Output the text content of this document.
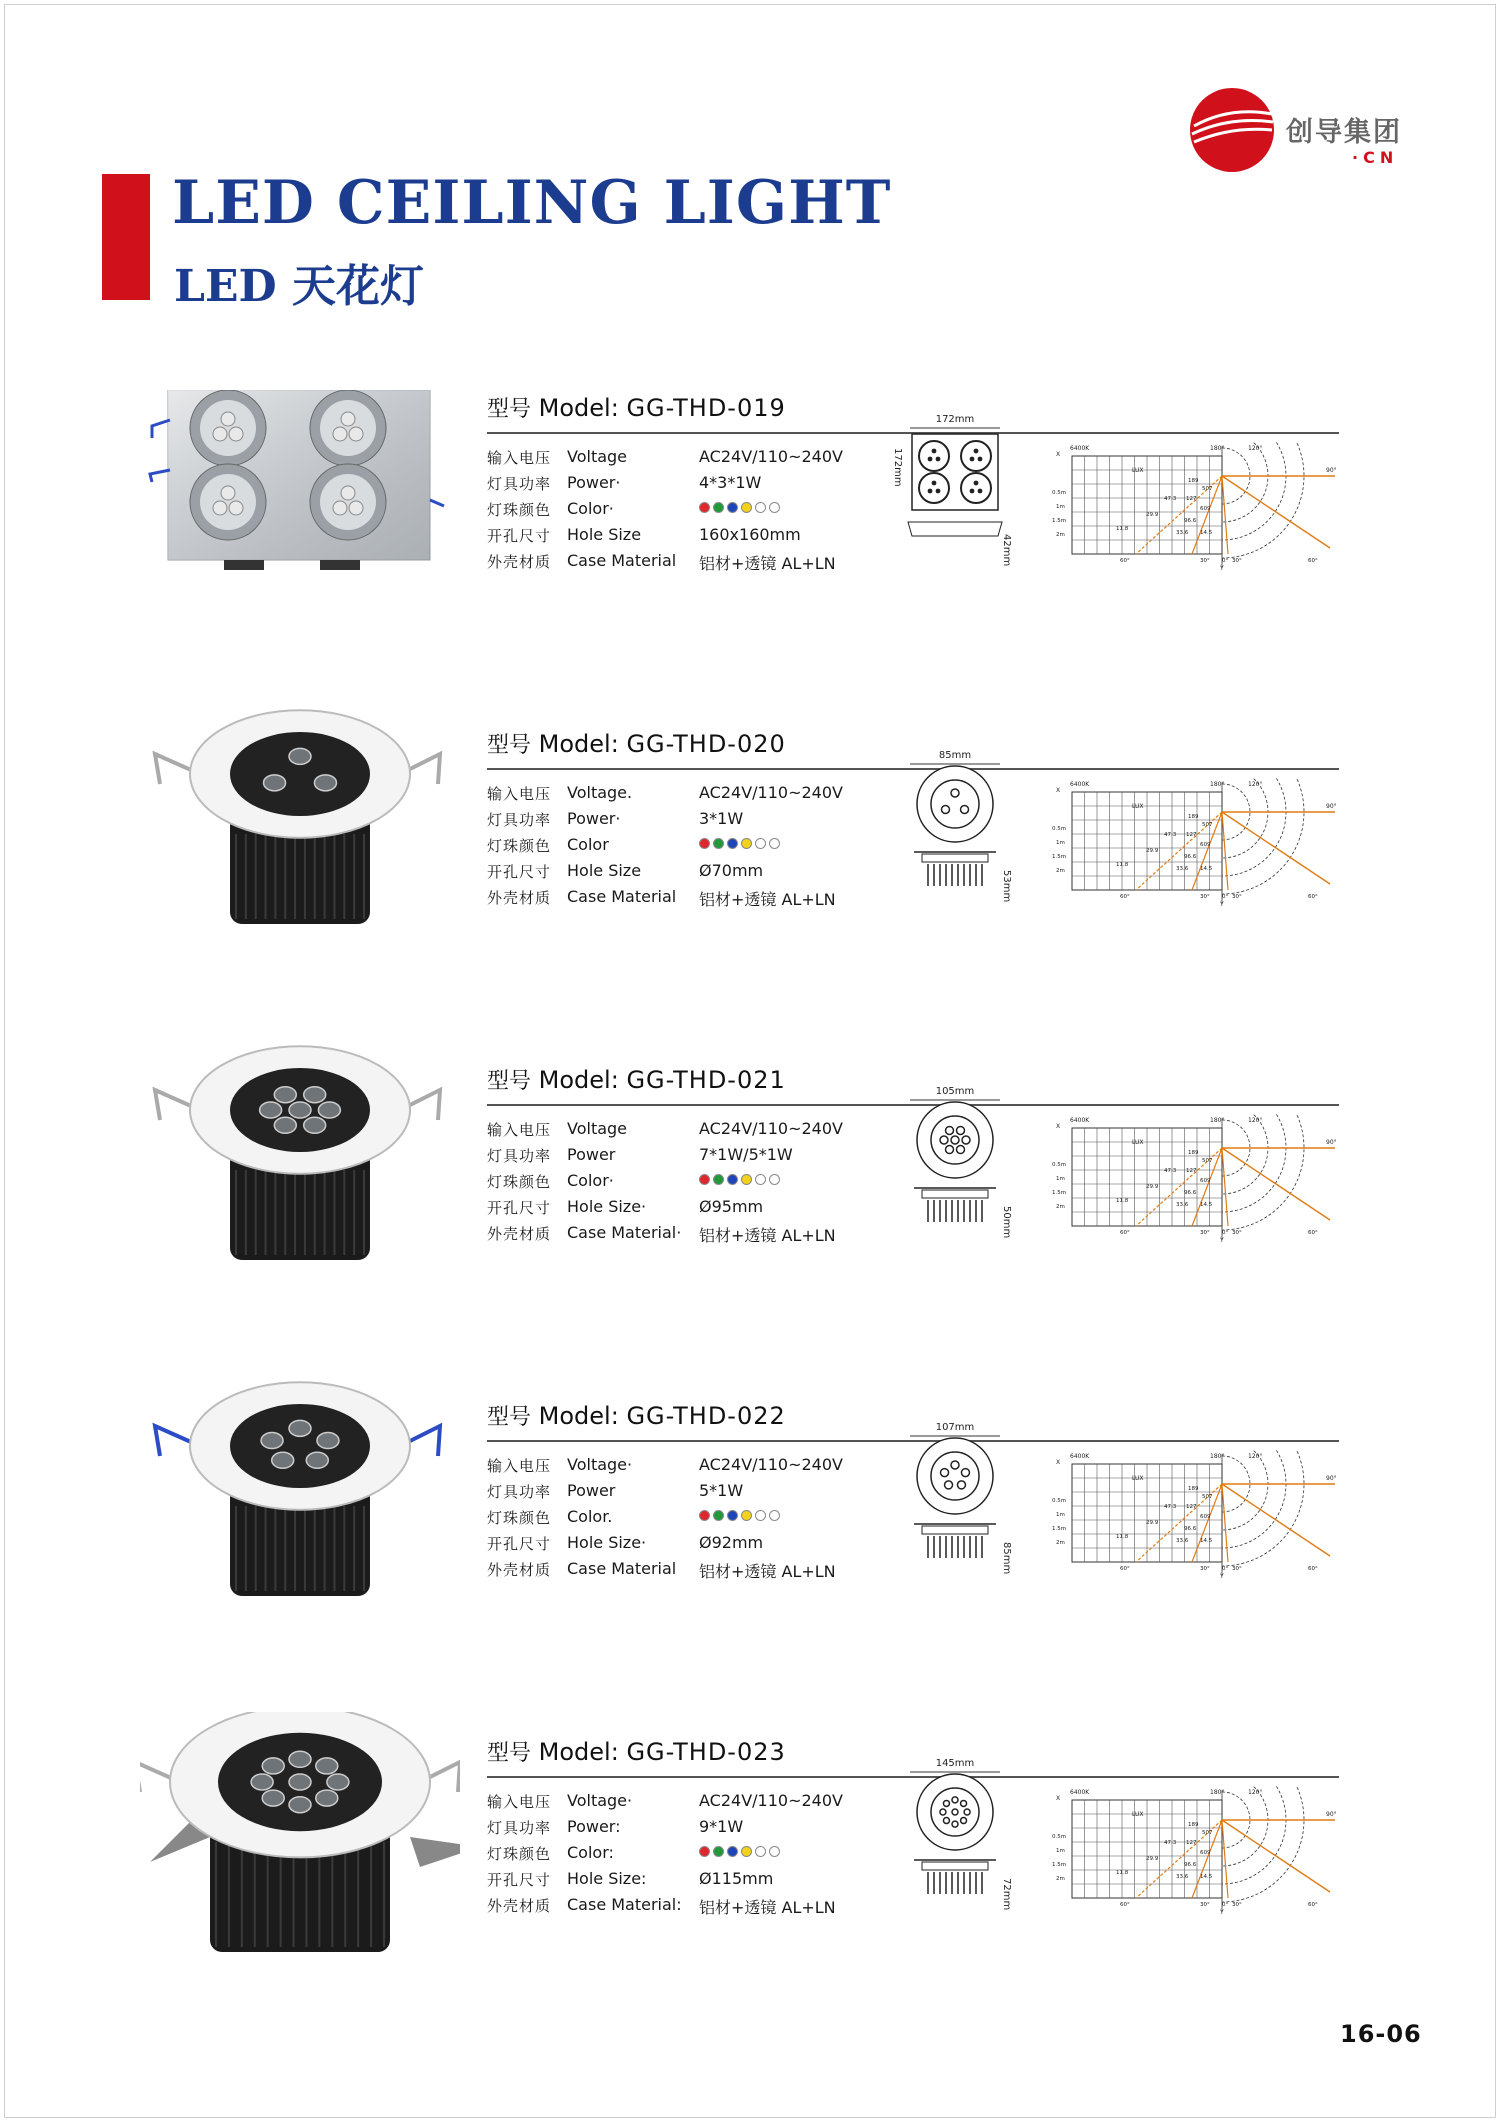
创导集团
·CN
LED CEILING LIGHT
LED 天花灯
型号 Model: GG-THD-019
输入电压 Voltage	AC24V/110~240V
灯具功率 Power·	4*3*1W
灯珠颜色 Color·
开孔尺寸 Hole Size	160x160mm
外壳材质 Case Material 铝材+透镜 AL+LN
172mm
42mm
172mm	6400K
X
180°	120°
90°
LUX
0.5m
1m
1.5m
2m
189
507
47.3 127
609
29.9
96.6
11.8
33.6 14.5
60°	30° 0° 30°	60°
Y
型号 Model: GG-THD-020
输入电压 Voltage.	AC24V/110~240V
灯具功率 Power·	3*1W
灯珠颜色 Color
开孔尺寸 Hole Size	Ø70mm
外壳材质 Case Material 铝材+透镜 AL+LN
85mm
53mm
6400K
X
180°	120°
90°
LUX
0.5m
1m
1.5m
2m
189
507
47.3 127
609
29.9
96.6
11.8
33.6 14.5
60°	30° 0° 30°	60°
Y
型号 Model: GG-THD-021
输入电压 Voltage	AC24V/110~240V
灯具功率 Power	7*1W/5*1W
灯珠颜色 Color·
开孔尺寸 Hole Size·	Ø95mm
外壳材质 Case Material· 铝材+透镜 AL+LN
105mm
50mm
6400K
X
180°	120°
90°
LUX
0.5m
1m
1.5m
2m
189
507
47.3 127
609
29.9
96.6
11.8
33.6 14.5
60°	30° 0° 30°	60°
Y
型号 Model: GG-THD-022
输入电压 Voltage·	AC24V/110~240V
灯具功率 Power	5*1W
灯珠颜色 Color.
开孔尺寸 Hole Size·	Ø92mm
外壳材质 Case Material 铝材+透镜 AL+LN
107mm
85mm
6400K
X
180°	120°
90°
LUX
0.5m
1m
1.5m
2m
189
507
47.3 127
609
29.9
96.6
11.8
33.6 14.5
60°	30° 0° 30°	60°
Y
型号 Model: GG-THD-023
输入电压 Voltage·	AC24V/110~240V
灯具功率 Power:	9*1W
灯珠颜色 Color:
开孔尺寸 Hole Size:	Ø115mm
外壳材质 Case Material: 铝材+透镜 AL+LN
145mm
72mm
6400K
X
180°	120°
90°
LUX
0.5m
1m
1.5m
2m
189
507
47.3 127
609
29.9
96.6
11.8
33.6 14.5
60°	30° 0° 30°	60°
Y
16-06
